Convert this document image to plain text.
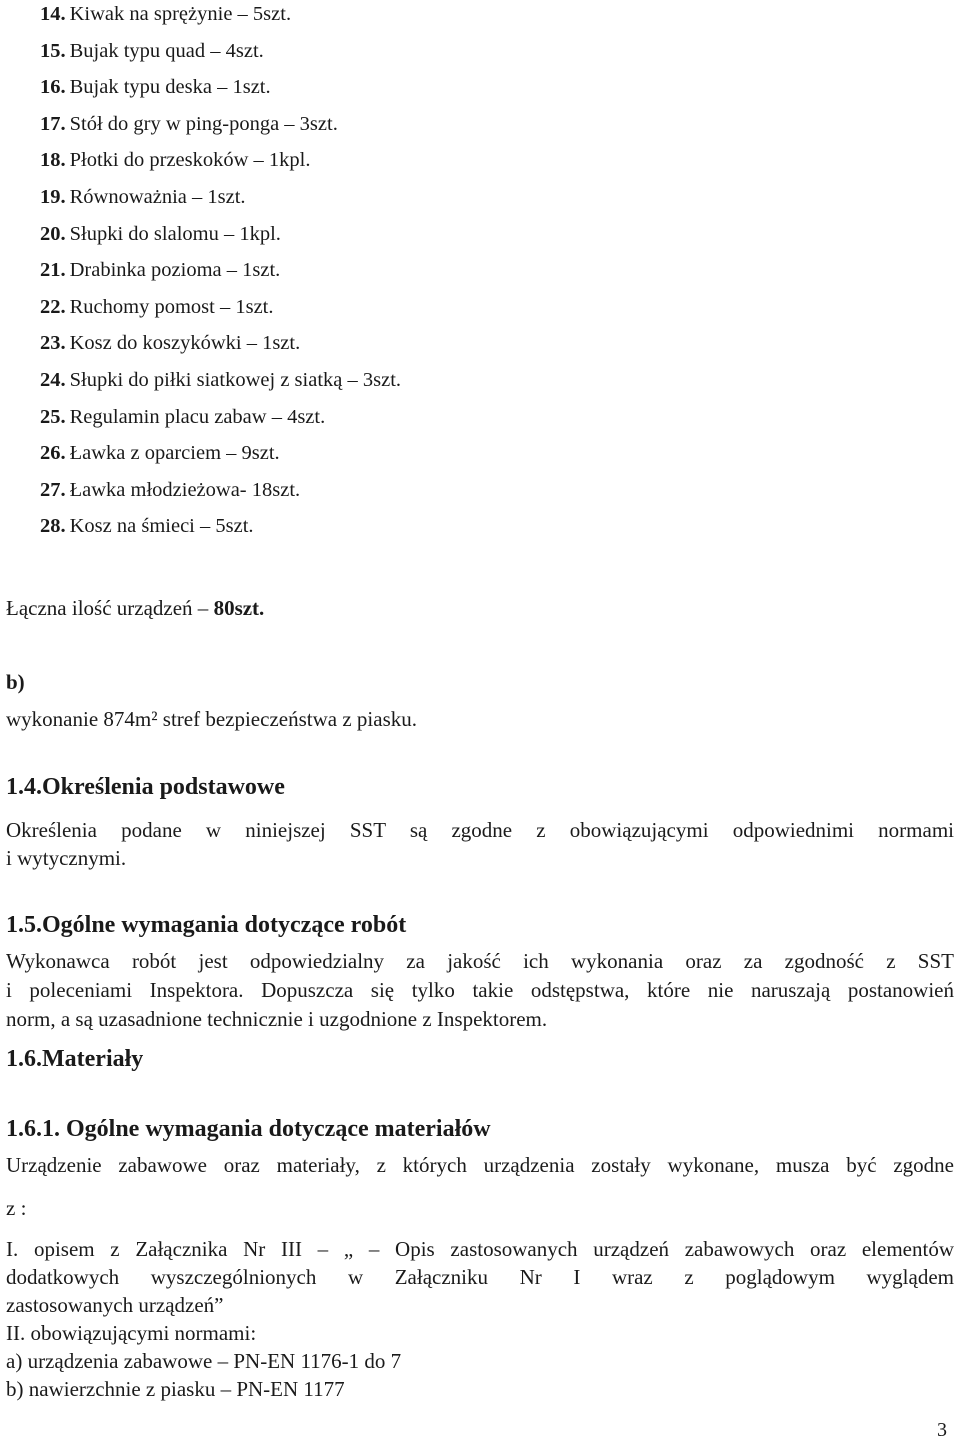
14. Kiwak na sprężynie – 5szt.
15. Bujak typu quad – 4szt.
16. Bujak typu deska – 1szt.
17. Stół do gry w ping-ponga – 3szt.
18. Płotki do przeskoków – 1kpl.
19. Równoważnia – 1szt.
20. Słupki do slalomu – 1kpl.
21. Drabinka pozioma – 1szt.
22. Ruchomy pomost – 1szt.
23. Kosz do koszykówki – 1szt.
24. Słupki do piłki siatkowej z siatką – 3szt.
25. Regulamin placu zabaw – 4szt.
26. Ławka z oparciem – 9szt.
27. Ławka młodzieżowa- 18szt.
28. Kosz na śmieci – 5szt.
Łączna ilość urządzeń – 80szt.
b)
wykonanie 874m² stref bezpieczeństwa z piasku.
1.4.Określenia podstawowe
Określenia podane w niniejszej SST są zgodne z obowiązującymi odpowiednimi normami
i wytycznymi.
1.5.Ogólne wymagania dotyczące robót
Wykonawca robót jest odpowiedzialny za jakość ich wykonania oraz za zgodność z SST
i poleceniami Inspektora. Dopuszcza się tylko takie odstępstwa, które nie naruszają postanowień
norm, a są uzasadnione technicznie i uzgodnione z Inspektorem.
1.6.Materiały
1.6.1. Ogólne wymagania dotyczące materiałów
Urządzenie zabawowe oraz materiały, z których urządzenia zostały wykonane, musza być zgodne
z :
I. opisem z Załącznika Nr III – „ – Opis zastosowanych urządzeń zabawowych oraz elementów
dodatkowych wyszczególnionych w Załączniku Nr I wraz z poglądowym wyglądem
zastosowanych urządzeń”
II. obowiązującymi normami:
a) urządzenia zabawowe – PN-EN 1176-1 do 7
b) nawierzchnie z piasku – PN-EN 1177
3
